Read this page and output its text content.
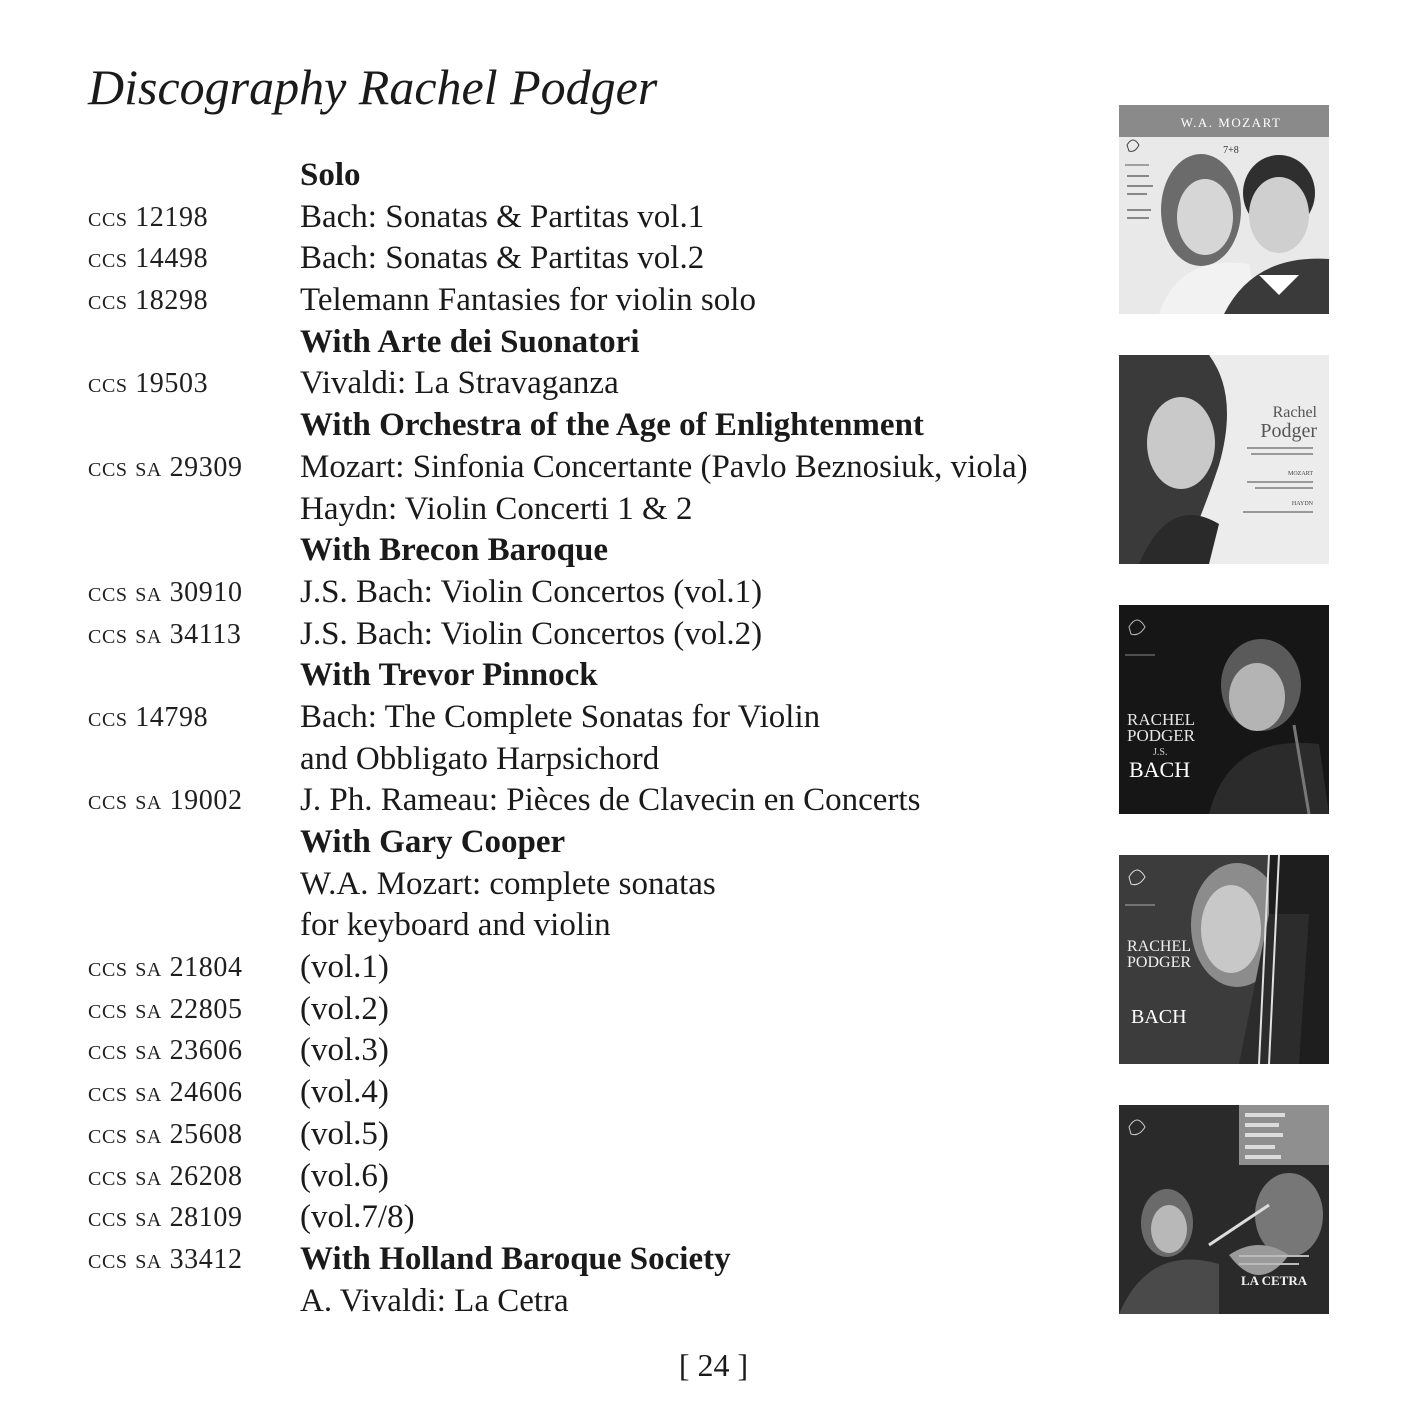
Discography Rachel Podger
Solo
ccs 12198	Bach: Sonatas & Partitas vol.1
ccs 14498	Bach: Sonatas & Partitas vol.2
ccs 18298	Telemann Fantasies for violin solo
With Arte dei Suonatori
ccs 19503	Vivaldi: La Stravaganza
With Orchestra of the Age of Enlightenment
ccs sa 29309 Mozart: Sinfonia Concertante (Pavlo Beznosiuk, viola)
Haydn: Violin Concerti 1 & 2
With Brecon Baroque
ccs sa 30910 J.S. Bach: Violin Concertos (vol.1)
ccs sa 34113 J.S. Bach: Violin Concertos (vol.2)
With Trevor Pinnock
ccs 14798	Bach: The Complete Sonatas for Violin
and Obbligato Harpsichord
ccs sa 19002 J. Ph. Rameau: Pièces de Clavecin en Concerts
With Gary Cooper
W.A. Mozart: complete sonatas
for keyboard and violin
ccs sa 21804 (vol.1)
ccs sa 22805 (vol.2)
ccs sa 23606 (vol.3)
ccs sa 24606 (vol.4)
ccs sa 25608 (vol.5)
ccs sa 26208 (vol.6)
ccs sa 28109 (vol.7/8)
ccs sa 33412 With Holland Baroque Society
A. Vivaldi: La Cetra
W.A. MOZART
7+8
Rachel
Podger
MOZART
HAYDN
RACHEL
PODGER
J.S.
BACH
RACHEL
PODGER
BACH
LA CETRA
[ 24 ]
